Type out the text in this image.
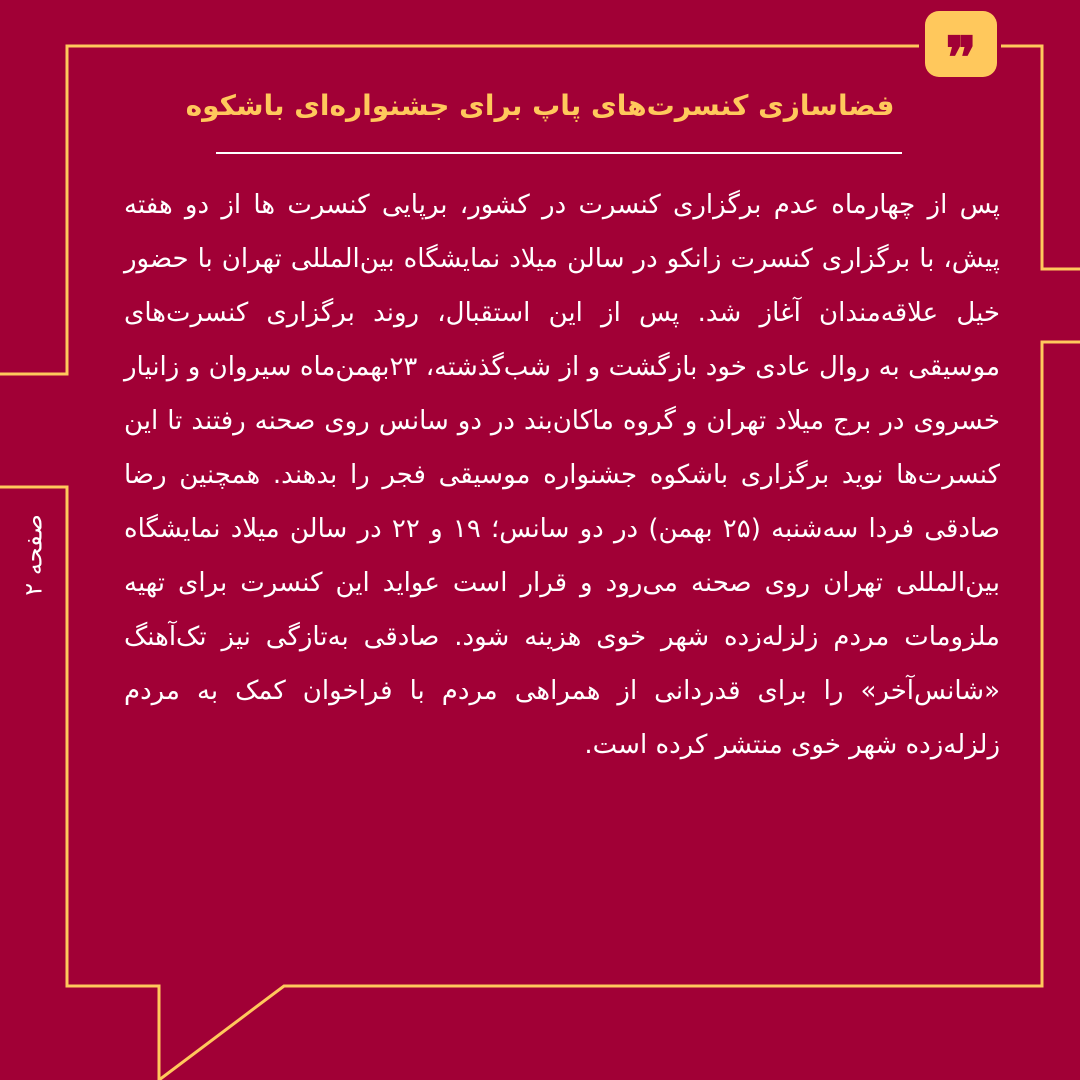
❞
فضاسازی کنسرت‌های پاپ برای جشنواره‌ای باشکوه
پس از چهارماه عدم برگزاری کنسرت در کشور، برپایی کنسرت ها از دو هفته پیش، با برگزاری کنسرت زانکو در سالن میلاد نمایشگاه بین‌المللی تهران با حضور خیل علاقه‌مندان آغاز شد. پس از این استقبال، روند برگزاری کنسرت‌های موسیقی به روال عادی خود بازگشت و از شب‌گذشته، ۲۳بهمن‌ماه سیروان و زانیار خسروی در برج میلاد تهران و گروه ماکان‌بند در دو سانس روی صحنه رفتند تا این کنسرت‌ها نوید برگزاری باشکوه جشنواره موسیقی فجر را بدهند. همچنین رضا صادقی فردا سه‌شنبه (۲۵ بهمن) در دو سانس؛ ۱۹ و ۲۲ در سالن میلاد نمایشگاه بین‌المللی تهران روی صحنه می‌رود و قرار است عواید این کنسرت برای تهیه ملزومات مردم زلزله‌زده شهر خوی هزینه شود. صادقی به‌تازگی نیز تک‌آهنگ «شانس‌آخر» را برای قدردانی از همراهی مردم با فراخوان کمک به مردم زلزله‌زده شهر خوی منتشر کرده است.
صفحه ۲
